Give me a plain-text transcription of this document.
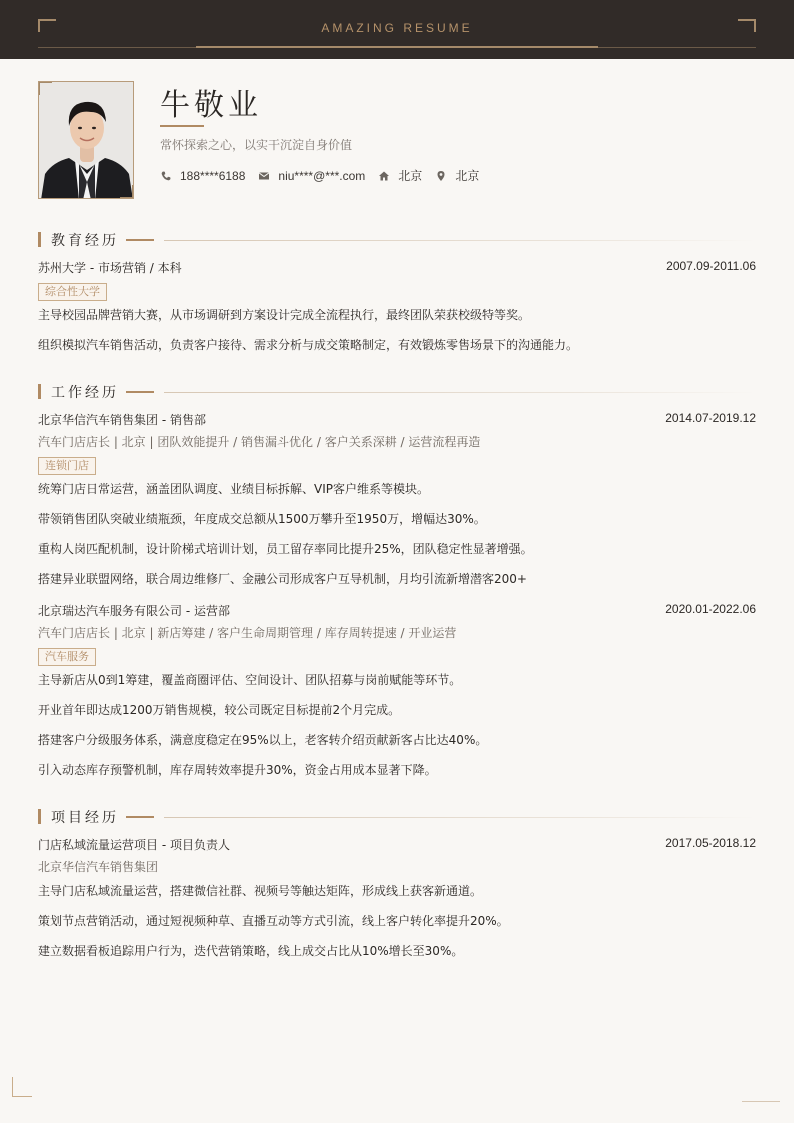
AMAZING RESUME
牛敬业
常怀探索之心，以实干沉淀自身价值
188****6188	niu****@***.com	北京	北京
教育经历
苏州大学 - 市场营销 / 本科	2007.09-2011.06
综合性大学
主导校园品牌营销大赛，从市场调研到方案设计完成全流程执行，最终团队荣获校级特等奖。
组织模拟汽车销售活动，负责客户接待、需求分析与成交策略制定，有效锻炼零售场景下的沟通能力。
工作经历
北京华信汽车销售集团 - 销售部	2014.07-2019.12
汽车门店店长 | 北京 | 团队效能提升 / 销售漏斗优化 / 客户关系深耕 / 运营流程再造
连锁门店
统筹门店日常运营，涵盖团队调度、业绩目标拆解、VIP客户维系等模块。
带领销售团队突破业绩瓶颈，年度成交总额从1500万攀升至1950万，增幅达30%。
重构人岗匹配机制，设计阶梯式培训计划，员工留存率同比提升25%，团队稳定性显著增强。
搭建异业联盟网络，联合周边维修厂、金融公司形成客户互导机制，月均引流新增潜客200+
北京瑞达汽车服务有限公司 - 运营部	2020.01-2022.06
汽车门店店长 | 北京 | 新店筹建 / 客户生命周期管理 / 库存周转提速 / 开业运营
汽车服务
主导新店从0到1筹建，覆盖商圈评估、空间设计、团队招募与岗前赋能等环节。
开业首年即达成1200万销售规模，较公司既定目标提前2个月完成。
搭建客户分级服务体系，满意度稳定在95%以上，老客转介绍贡献新客占比达40%。
引入动态库存预警机制，库存周转效率提升30%，资金占用成本显著下降。
项目经历
门店私域流量运营项目 - 项目负责人	2017.05-2018.12
北京华信汽车销售集团
主导门店私域流量运营，搭建微信社群、视频号等触达矩阵，形成线上获客新通道。
策划节点营销活动，通过短视频种草、直播互动等方式引流，线上客户转化率提升20%。
建立数据看板追踪用户行为，迭代营销策略，线上成交占比从10%增长至30%。
